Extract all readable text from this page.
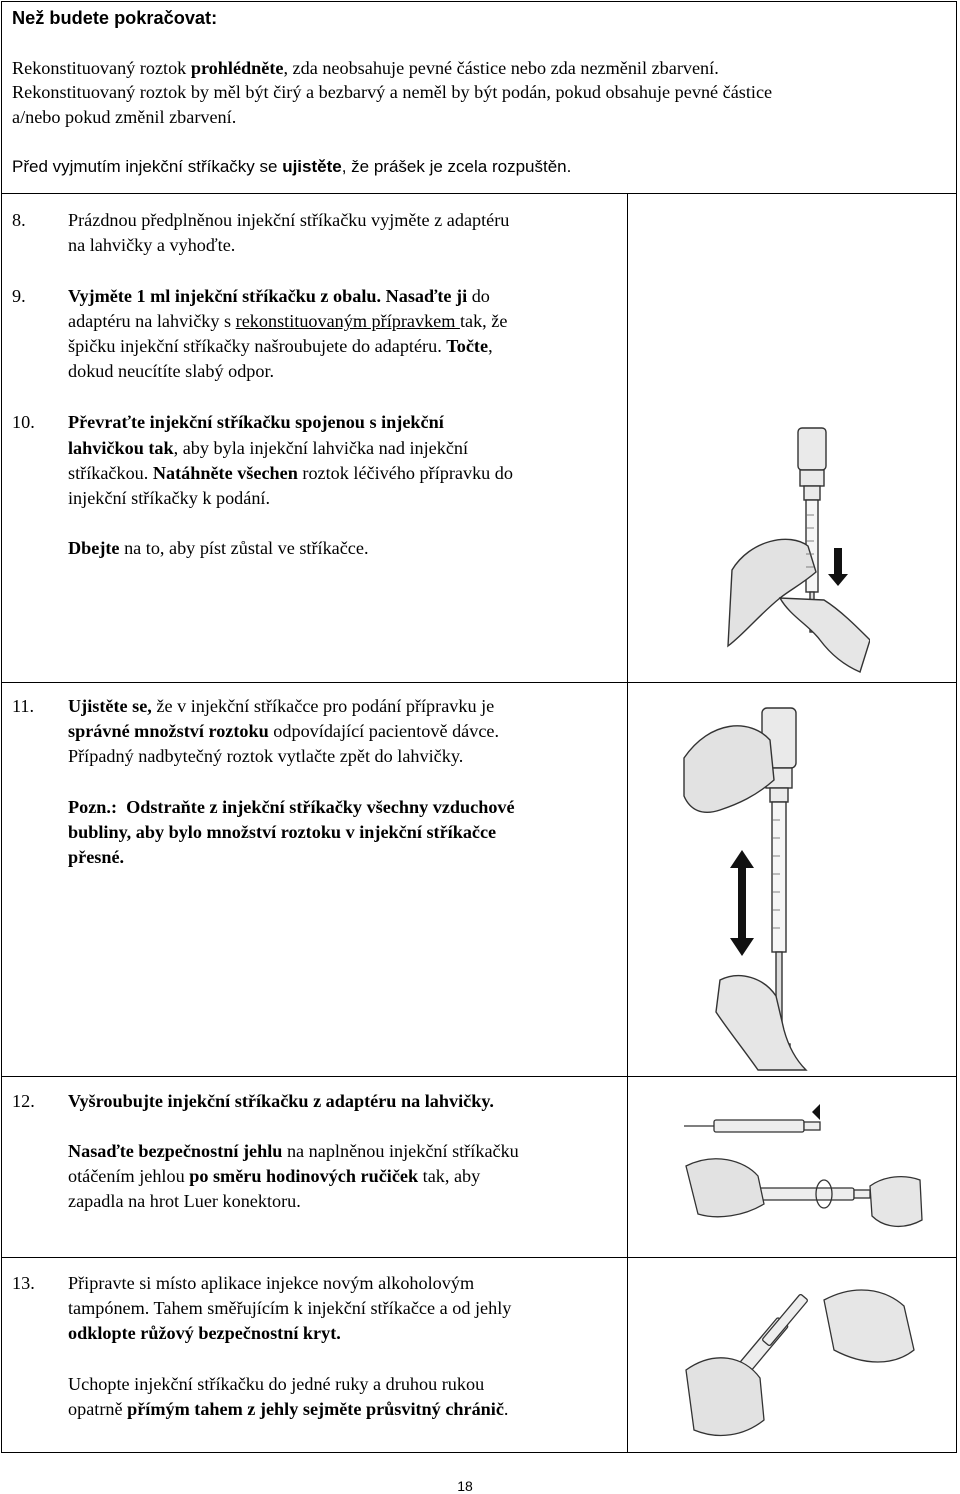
Než budete pokračovat:
Rekonstituovaný roztok prohlédněte, zda neobsahuje pevné částice nebo zda nezměnil zbarvení.
Rekonstituovaný roztok by měl být čirý a bezbarvý a neměl by být podán, pokud obsahuje pevné částice
a/nebo pokud změnil zbarvení.
Před vyjmutím injekční stříkačky se ujistěte, že prášek je zcela rozpuštěn.
8. Prázdnou předplněnou injekční stříkačku vyjměte z adaptéru
na lahvičky a vyhoďte.
9. Vyjměte 1 ml injekční stříkačku z obalu. Nasaďte ji do
adaptéru na lahvičky s rekonstituovaným přípravkem tak, že
špičku injekční stříkačky našroubujete do adaptéru. Točte,
dokud neucítíte slabý odpor.
10. Převraťte injekční stříkačku spojenou s injekční
lahvičkou tak, aby byla injekční lahvička nad injekční
stříkačkou. Natáhněte všechen roztok léčivého přípravku do
injekční stříkačky k podání.
Dbejte na to, aby píst zůstal ve stříkačce.
11. Ujistěte se, že v injekční stříkačce pro podání přípravku je
správné množství roztoku odpovídající pacientově dávce.
Případný nadbytečný roztok vytlačte zpět do lahvičky.
Pozn.:  Odstraňte z injekční stříkačky všechny vzduchové
bubliny, aby bylo množství roztoku v injekční stříkačce
přesné.
12. Vyšroubujte injekční stříkačku z adaptéru na lahvičky.
Nasaďte bezpečnostní jehlu na naplněnou injekční stříkačku
otáčením jehlou po směru hodinových ručiček tak, aby
zapadla na hrot Luer konektoru.
13. Připravte si místo aplikace injekce novým alkoholovým
tampónem. Tahem směřujícím k injekční stříkačce a od jehly
odklopte růžový bezpečnostní kryt.
Uchopte injekční stříkačku do jedné ruky a druhou rukou
opatrně přímým tahem z jehly sejměte průsvitný chránič.
18
